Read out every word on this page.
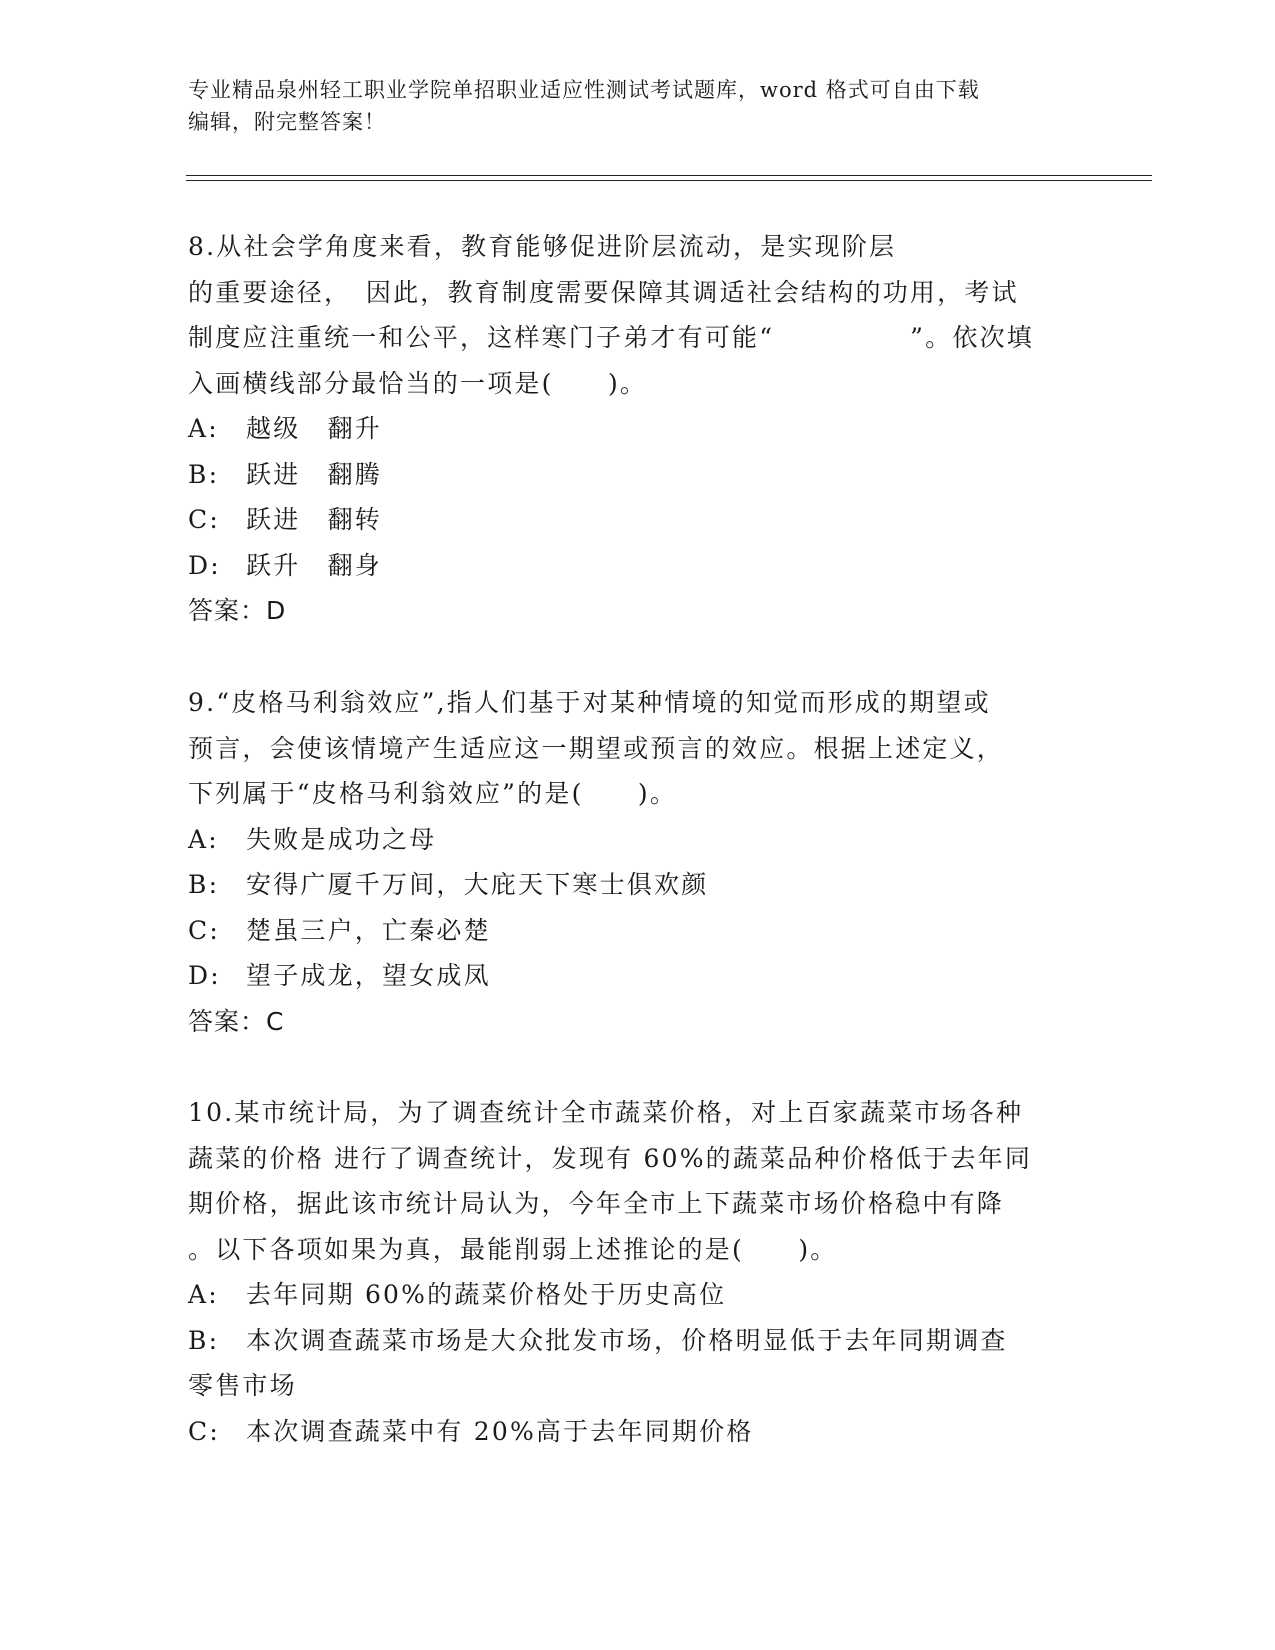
专业精品泉州轻工职业学院单招职业适应性测试考试题库，word 格式可自由下载

编辑，附完整答案！

8.从社会学角度来看，教育能够促进阶层流动，是实现阶层

的重要途径，　因此，教育制度需要保障其调适社会结构的功用，考试

制度应注重统一和公平，这样寒门子弟才有可能“　　　　　”。依次填

入画横线部分最恰当的一项是(　　)。

A: 越级　翻升

B: 跃进　翻腾

C: 跃进　翻转

D: 跃升　翻身

答案：D

9.“皮格马利翁效应”,指人们基于对某种情境的知觉而形成的期望或

预言，会使该情境产生适应这一期望或预言的效应。根据上述定义，

下列属于“皮格马利翁效应”的是(　　)。

A: 失败是成功之母

B: 安得广厦千万间，大庇天下寒士俱欢颜

C: 楚虽三户，亡秦必楚

D: 望子成龙，望女成凤

答案：C

10.某市统计局，为了调查统计全市蔬菜价格，对上百家蔬菜市场各种

蔬菜的价格 进行了调查统计，发现有 60%的蔬菜品种价格低于去年同

期价格，据此该市统计局认为，今年全市上下蔬菜市场价格稳中有降

。以下各项如果为真，最能削弱上述推论的是(　　)。

A: 去年同期 60%的蔬菜价格处于历史高位

B: 本次调查蔬菜市场是大众批发市场，价格明显低于去年同期调查

零售市场

C: 本次调查蔬菜中有 20%高于去年同期价格
